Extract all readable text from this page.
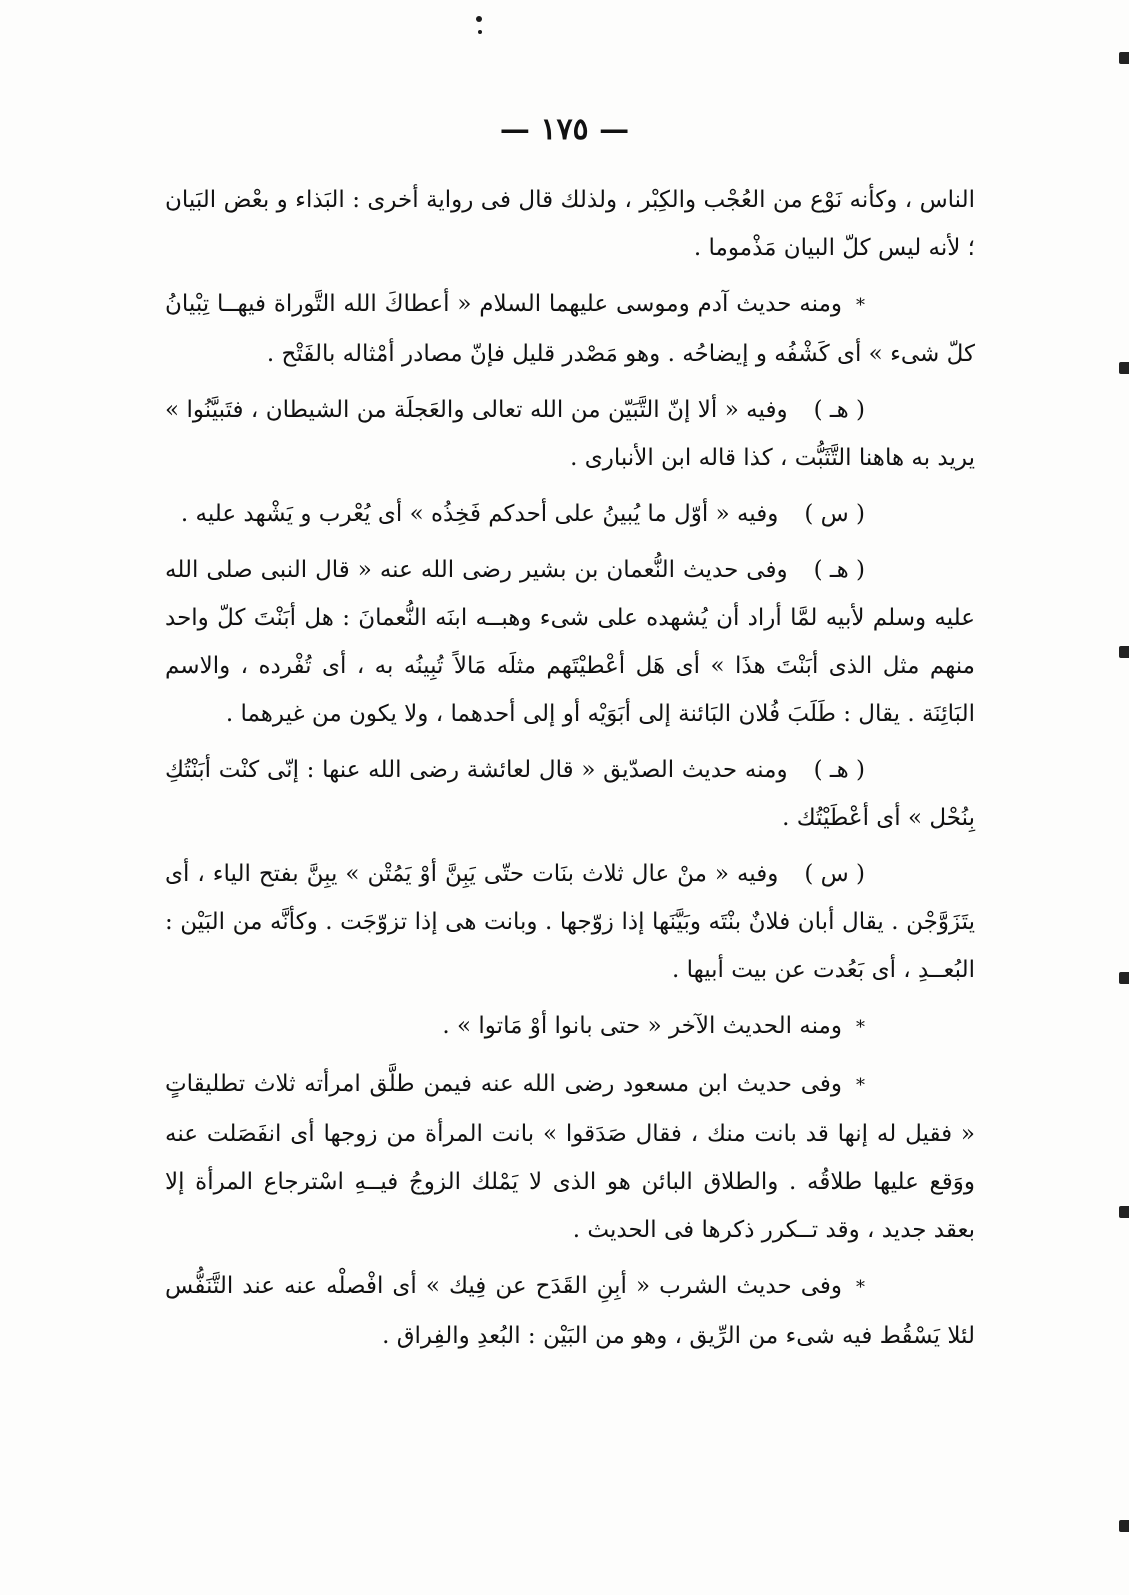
— ١٧٥ —

الناس ، وكأنه نَوْع من العُجْب والكِبْر ، ولذلك قال فى رواية أخرى : البَذاء و بعْض البَيان ؛ لأنه ليس كلّ البيان مَذْموما .

*ومنه حديث آدم وموسى عليهما السلام « أعطاكَ الله التَّوراة فيهــا تِبْيانُ كلّ شىء » أى كَشْفُه و إيضاحُه . وهو مَصْدر قليل فإنّ مصادر أمْثاله بالفَتْح .

( هـ )وفيه « ألا إنّ التَّبَيّن من الله تعالى والعَجلَة من الشيطان ، فتَبيَّنُوا » يريد به هاهنا التَّثَبُّت ، كذا قاله ابن الأنبارى .

( س )وفيه « أوّل ما يُبينُ على أحدكم فَخِذُه » أى يُعْرب و يَشْهد عليه .

( هـ )وفى حديث النُّعمان بن بشير رضى الله عنه « قال النبى صلى الله عليه وسلم لأبيه لمَّا أراد أن يُشهده على شىء وهبــه ابنَه النُّعمانَ : هل أبَنْتَ كلّ واحد منهم مثل الذى أبَنْتَ هذَا » أى هَل أعْطيْتَهم مثلَه مَالاً تُبِينُه به ، أى تُفْرده ، والاسم البَائِنَة . يقال : طَلَبَ فُلان البَائنة إلى أبَوَيْه أو إلى أحدهما ، ولا يكون من غيرهما .

( هـ )ومنه حديث الصدّيق « قال لعائشة رضى الله عنها : إنّى كنْت أبَنْتُكِ بِنُحْل » أى أعْطَيْتُك .

( س )وفيه « منْ عال ثلاث بنَات حتّى يَبِنَّ أوْ يَمُتْن » يبِنَّ بفتح الياء ، أى يتَزَوَّجْن . يقال أبان فلانٌ بنْتَه وبَيَّنَها إذا زوّجها . وبانت هى إذا تزوّجَت . وكأنَّه من البَيْن : البُعــدِ ، أى بَعُدت عن بيت أبيها .

*ومنه الحديث الآخر « حتى بانوا أوْ مَاتوا » .

*وفى حديث ابن مسعود رضى الله عنه فيمن طلَّق امرأته ثلاث تطليقاتٍ « فقيل له إنها قد بانت منك ، فقال صَدَقوا » بانت المرأة من زوجها أى انفَصَلت عنه ووَقع عليها طلاقُه . والطلاق البائن هو الذى لا يَمْلك الزوجُ فيــهِ اسْترجاع المرأة إلا بعقد جديد ، وقد تــكرر ذكرها فى الحديث .

*وفى حديث الشرب « أبِنِ القَدَح عن فِيك » أى افْصلْه عنه عند التَّنَفُّس لئلا يَسْقُط فيه شىء من الرِّيق ، وهو من البَيْن : البُعدِ والفِراق .
